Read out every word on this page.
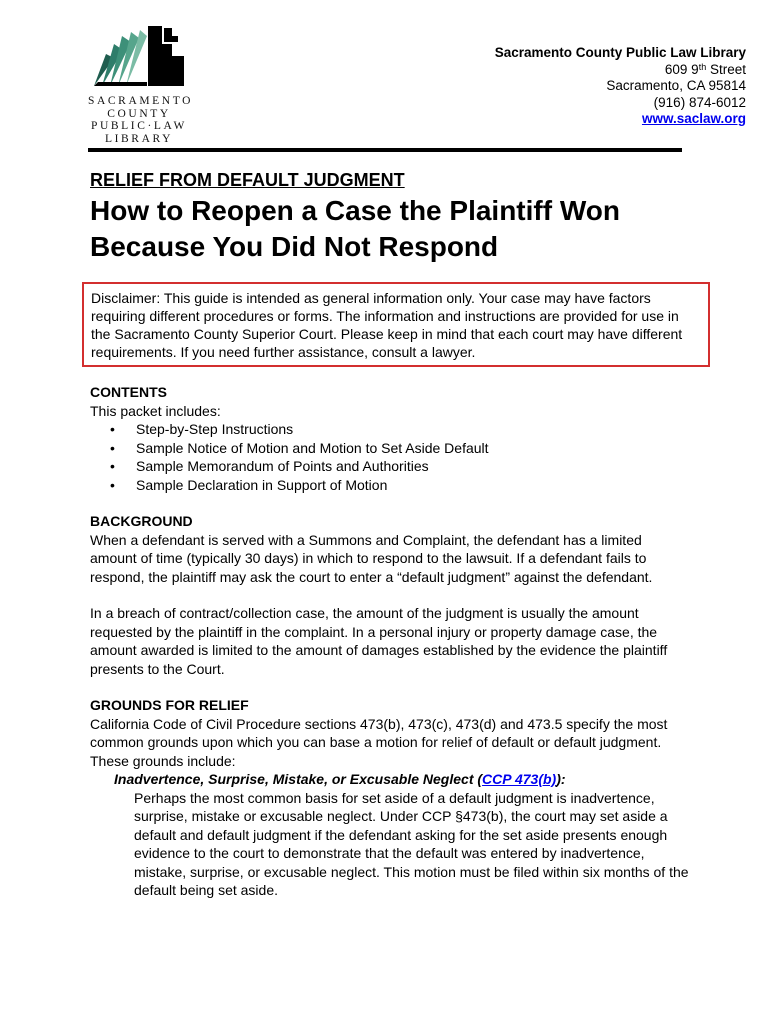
SACRAMENTO
COUNTY
PUBLIC·LAW
LIBRARY
Sacramento County Public Law Library
609 9th Street
Sacramento, CA 95814
(916) 874-6012
www.saclaw.org
RELIEF FROM DEFAULT JUDGMENT
How to Reopen a Case the Plaintiff Won Because You Did Not Respond
Disclaimer: This guide is intended as general information only. Your case may have factors requiring different procedures or forms. The information and instructions are provided for use in the Sacramento County Superior Court. Please keep in mind that each court may have different requirements. If you need further assistance, consult a lawyer.
CONTENTS

This packet includes:

• Step-by-Step Instructions
• Sample Notice of Motion and Motion to Set Aside Default
• Sample Memorandum of Points and Authorities
• Sample Declaration in Support of Motion
BACKGROUND

When a defendant is served with a Summons and Complaint, the defendant has a limited amount of time (typically 30 days) in which to respond to the lawsuit. If a defendant fails to respond, the plaintiff may ask the court to enter a “default judgment” against the defendant.

In a breach of contract/collection case, the amount of the judgment is usually the amount requested by the plaintiff in the complaint. In a personal injury or property damage case, the amount awarded is limited to the amount of damages established by the evidence the plaintiff presents to the Court.

GROUNDS FOR RELIEF

California Code of Civil Procedure sections 473(b), 473(c), 473(d) and 473.5 specify the most common grounds upon which you can base a motion for relief of default or default judgment. These grounds include:

Inadvertence, Surprise, Mistake, or Excusable Neglect (CCP 473(b)):

Perhaps the most common basis for set aside of a default judgment is inadvertence, surprise, mistake or excusable neglect. Under CCP §473(b), the court may set aside a default and default judgment if the defendant asking for the set aside presents enough evidence to the court to demonstrate that the default was entered by inadvertence, mistake, surprise, or excusable neglect. This motion must be filed within six months of the default being set aside.
